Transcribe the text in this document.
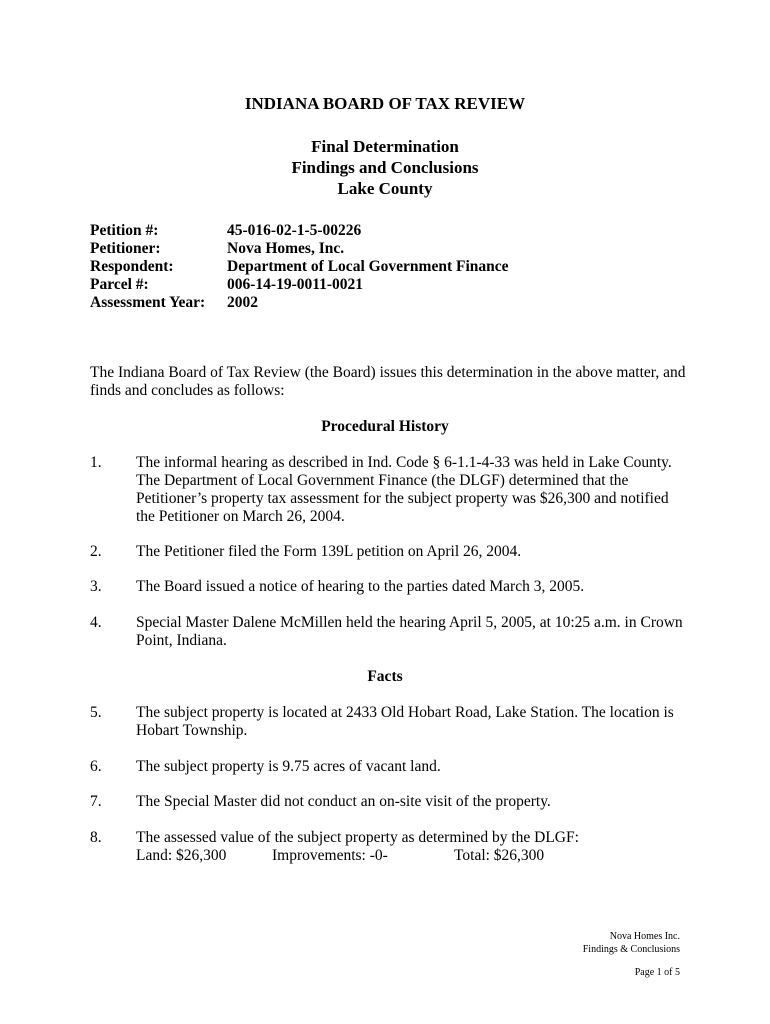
INDIANA BOARD OF TAX REVIEW
Final Determination
Findings and Conclusions
Lake County
Petition #:	45-016-02-1-5-00226
Petitioner:	Nova Homes, Inc.
Respondent:	Department of Local Government Finance
Parcel #:	006-14-19-0011-0021
Assessment Year:	2002
The Indiana Board of Tax Review (the Board) issues this determination in the above matter, and finds and concludes as follows:
Procedural History
1.	The informal hearing as described in Ind. Code § 6-1.1-4-33 was held in Lake County. The Department of Local Government Finance (the DLGF) determined that the Petitioner’s property tax assessment for the subject property was $26,300 and notified the Petitioner on March 26, 2004.
2.	The Petitioner filed the Form 139L petition on April 26, 2004.
3.	The Board issued a notice of hearing to the parties dated March 3, 2005.
4.	Special Master Dalene McMillen held the hearing April 5, 2005, at 10:25 a.m. in Crown Point, Indiana.
Facts
5.	The subject property is located at 2433 Old Hobart Road, Lake Station. The location is Hobart Township.
6.	The subject property is 9.75 acres of vacant land.
7.	The Special Master did not conduct an on-site visit of the property.
8.	The assessed value of the subject property as determined by the DLGF:
Land: $26,300	Improvements: -0-	Total: $26,300
Nova Homes Inc.
Findings & Conclusions
Page 1 of 5
